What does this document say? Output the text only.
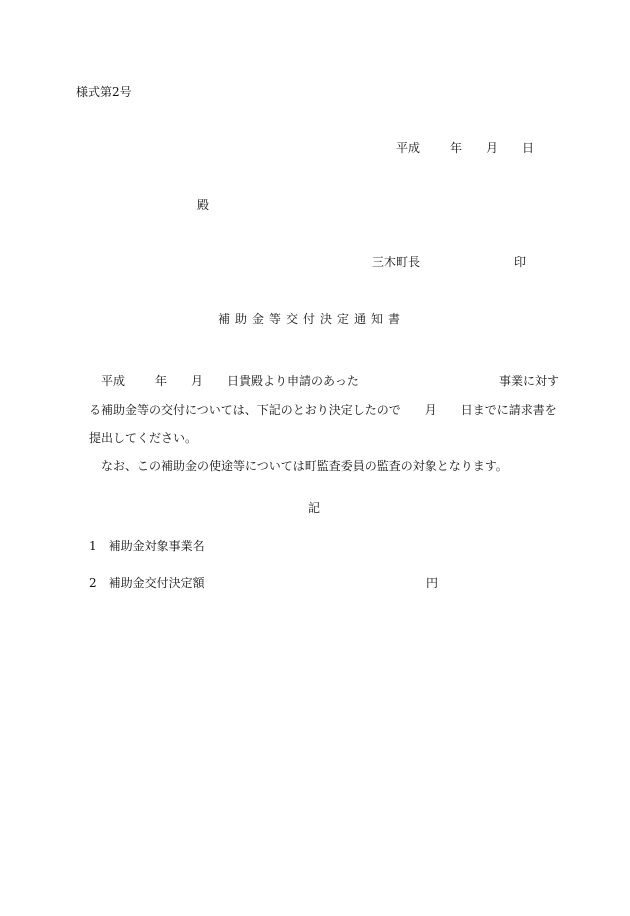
様式第2号
平成	年 月 日
殿
三木町長	印
補助金等交付決定通知書
平成	年 月 日貴殿より申請のあった	事業に対す
る補助金等の交付については、下記のとおり決定したので 月 日までに請求書を
提出してください。
なお、この補助金の使途等については町監査委員の監査の対象となります。
記
1　 補助金対象事業名
2　 補助金交付決定額	円
